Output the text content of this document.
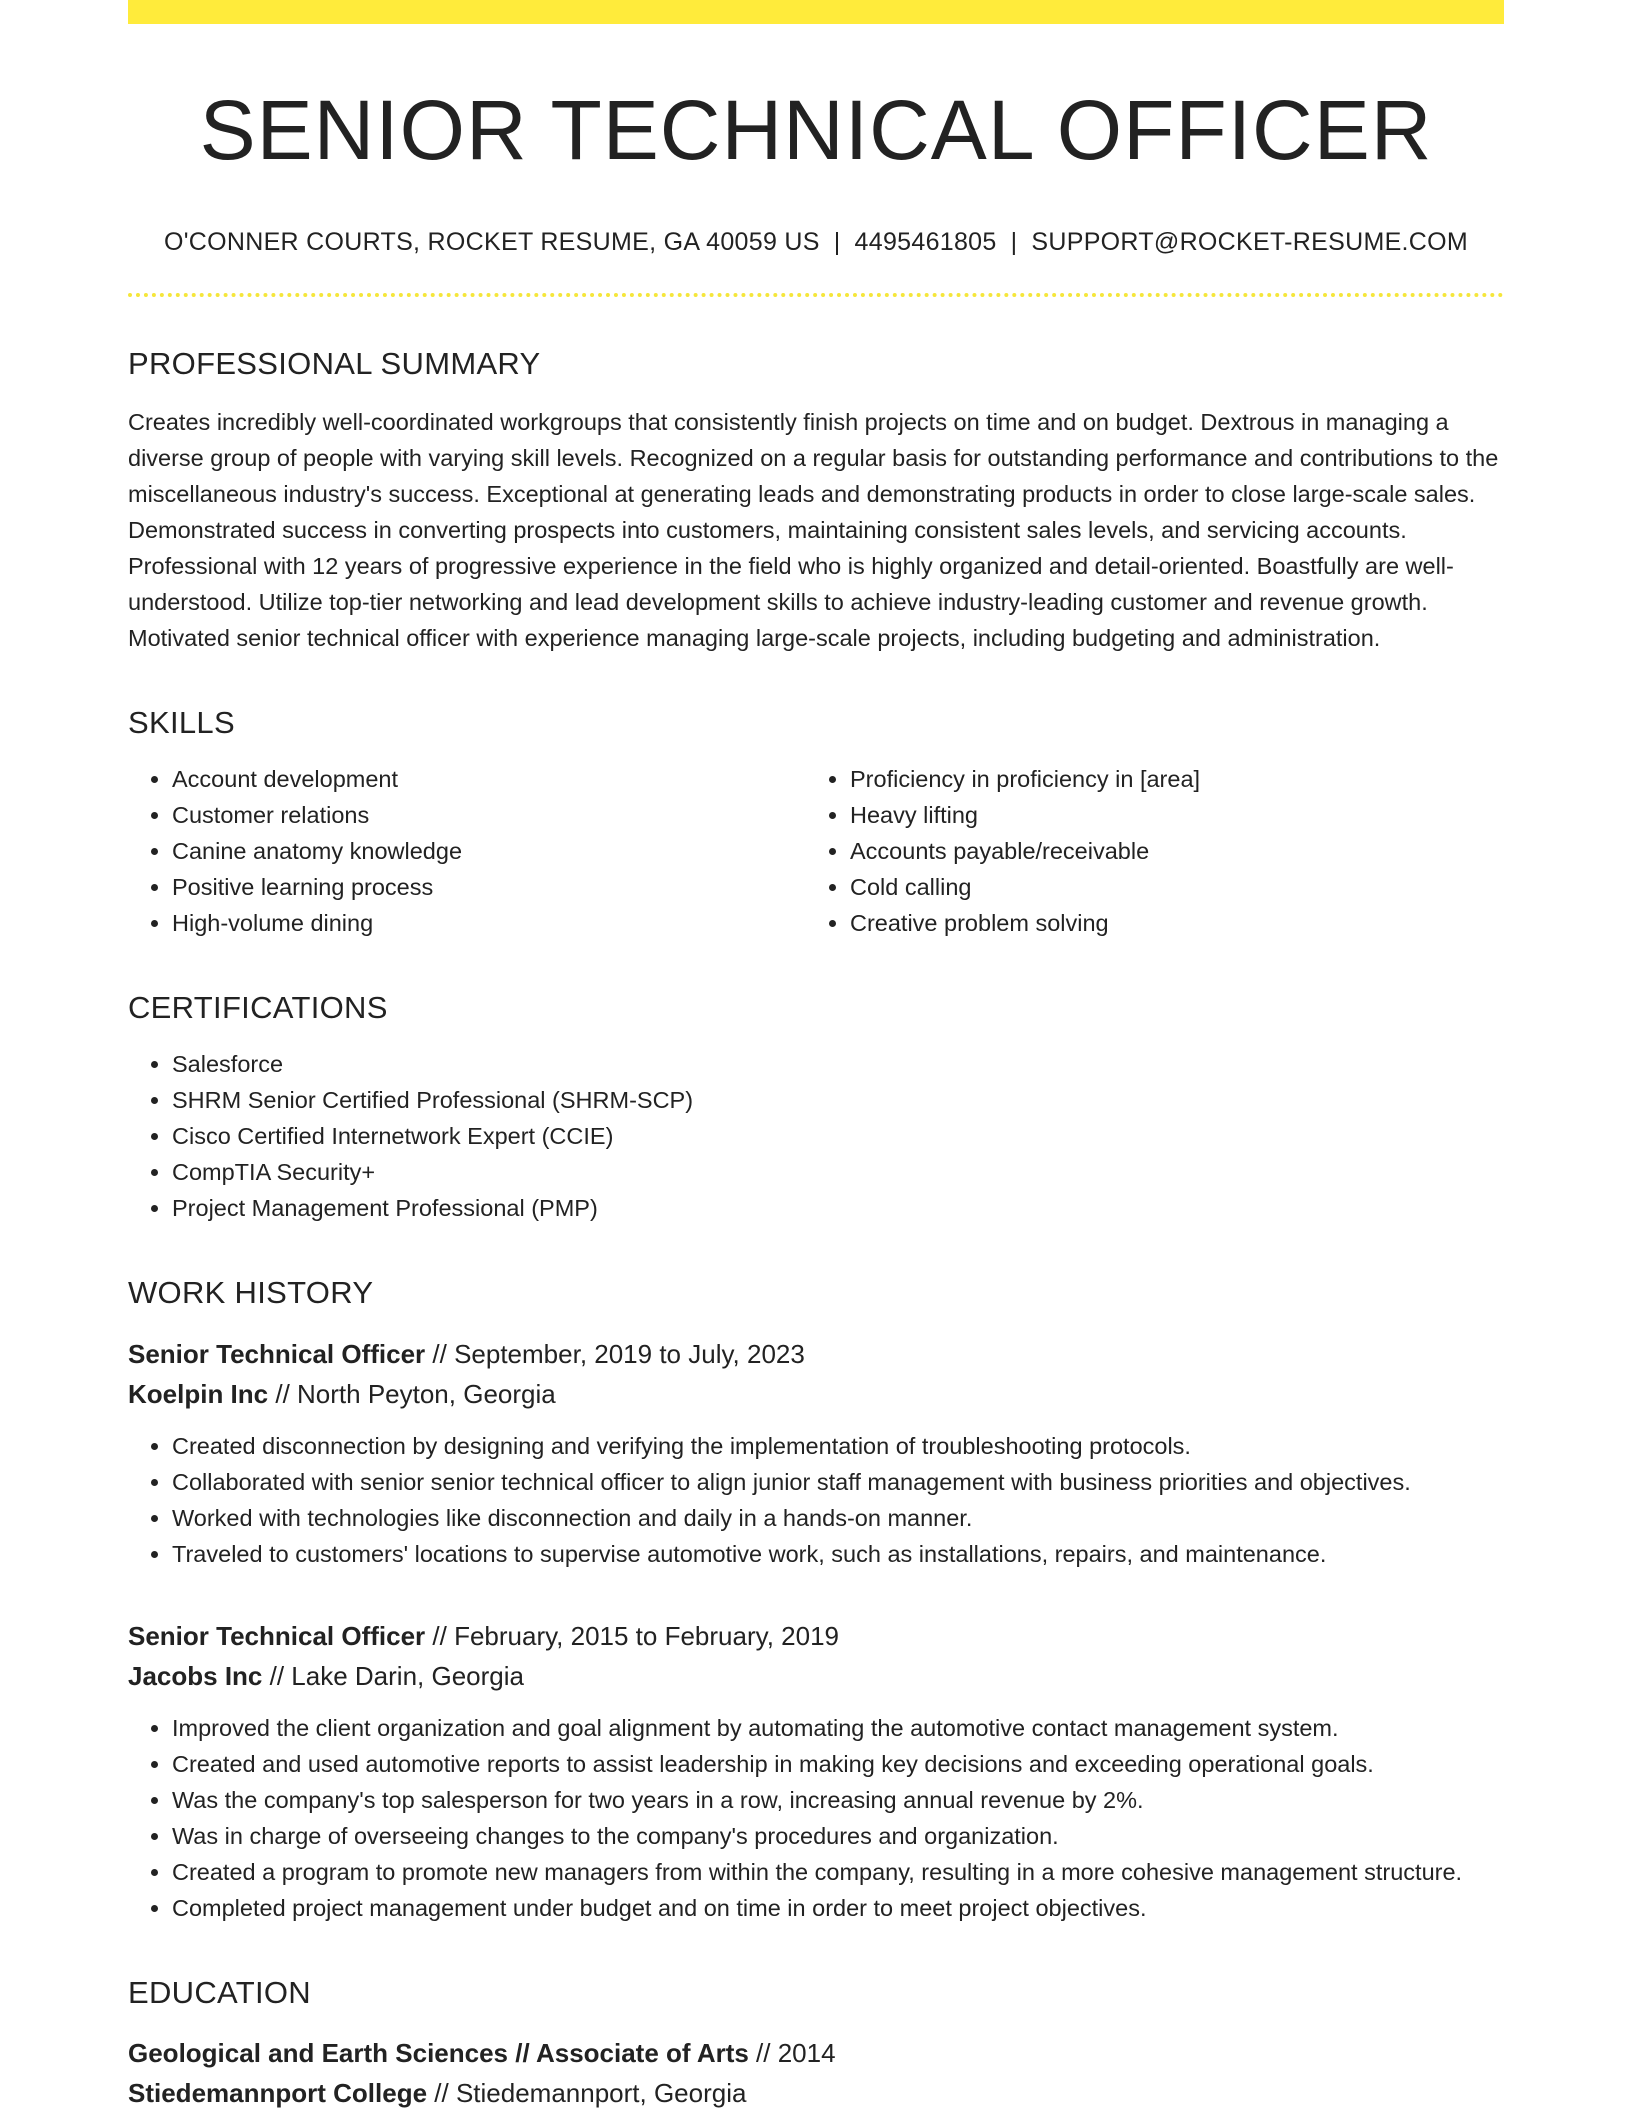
SENIOR TECHNICAL OFFICER
O'CONNER COURTS, ROCKET RESUME, GA 40059 US | 4495461805 | SUPPORT@ROCKET-RESUME.COM
PROFESSIONAL SUMMARY

Creates incredibly well-coordinated workgroups that consistently finish projects on time and on budget. Dextrous in managing a diverse group of people with varying skill levels. Recognized on a regular basis for outstanding performance and contributions to the miscellaneous industry's success. Exceptional at generating leads and demonstrating products in order to close large-scale sales. Demonstrated success in converting prospects into customers, maintaining consistent sales levels, and servicing accounts. Professional with 12 years of progressive experience in the field who is highly organized and detail-oriented. Boastfully are well-understood. Utilize top-tier networking and lead development skills to achieve industry-leading customer and revenue growth. Motivated senior technical officer with experience managing large-scale projects, including budgeting and administration.

SKILLS
• Account development
• Customer relations
• Canine anatomy knowledge
• Positive learning process
• High-volume dining
• Proficiency in proficiency in [area]
• Heavy lifting
• Accounts payable/receivable
• Cold calling
• Creative problem solving
CERTIFICATIONS
• Salesforce
• SHRM Senior Certified Professional (SHRM-SCP)
• Cisco Certified Internetwork Expert (CCIE)
• CompTIA Security+
• Project Management Professional (PMP)
WORK HISTORY
Senior Technical Officer // September, 2019 to July, 2023
Koelpin Inc // North Peyton, Georgia
• Created disconnection by designing and verifying the implementation of troubleshooting protocols.
• Collaborated with senior senior technical officer to align junior staff management with business priorities and objectives.
• Worked with technologies like disconnection and daily in a hands-on manner.
• Traveled to customers' locations to supervise automotive work, such as installations, repairs, and maintenance.
Senior Technical Officer // February, 2015 to February, 2019
Jacobs Inc // Lake Darin, Georgia
• Improved the client organization and goal alignment by automating the automotive contact management system.
• Created and used automotive reports to assist leadership in making key decisions and exceeding operational goals.
• Was the company's top salesperson for two years in a row, increasing annual revenue by 2%.
• Was in charge of overseeing changes to the company's procedures and organization.
• Created a program to promote new managers from within the company, resulting in a more cohesive management structure.
• Completed project management under budget and on time in order to meet project objectives.
EDUCATION
Geological and Earth Sciences // Associate of Arts // 2014
Stiedemannport College // Stiedemannport, Georgia
